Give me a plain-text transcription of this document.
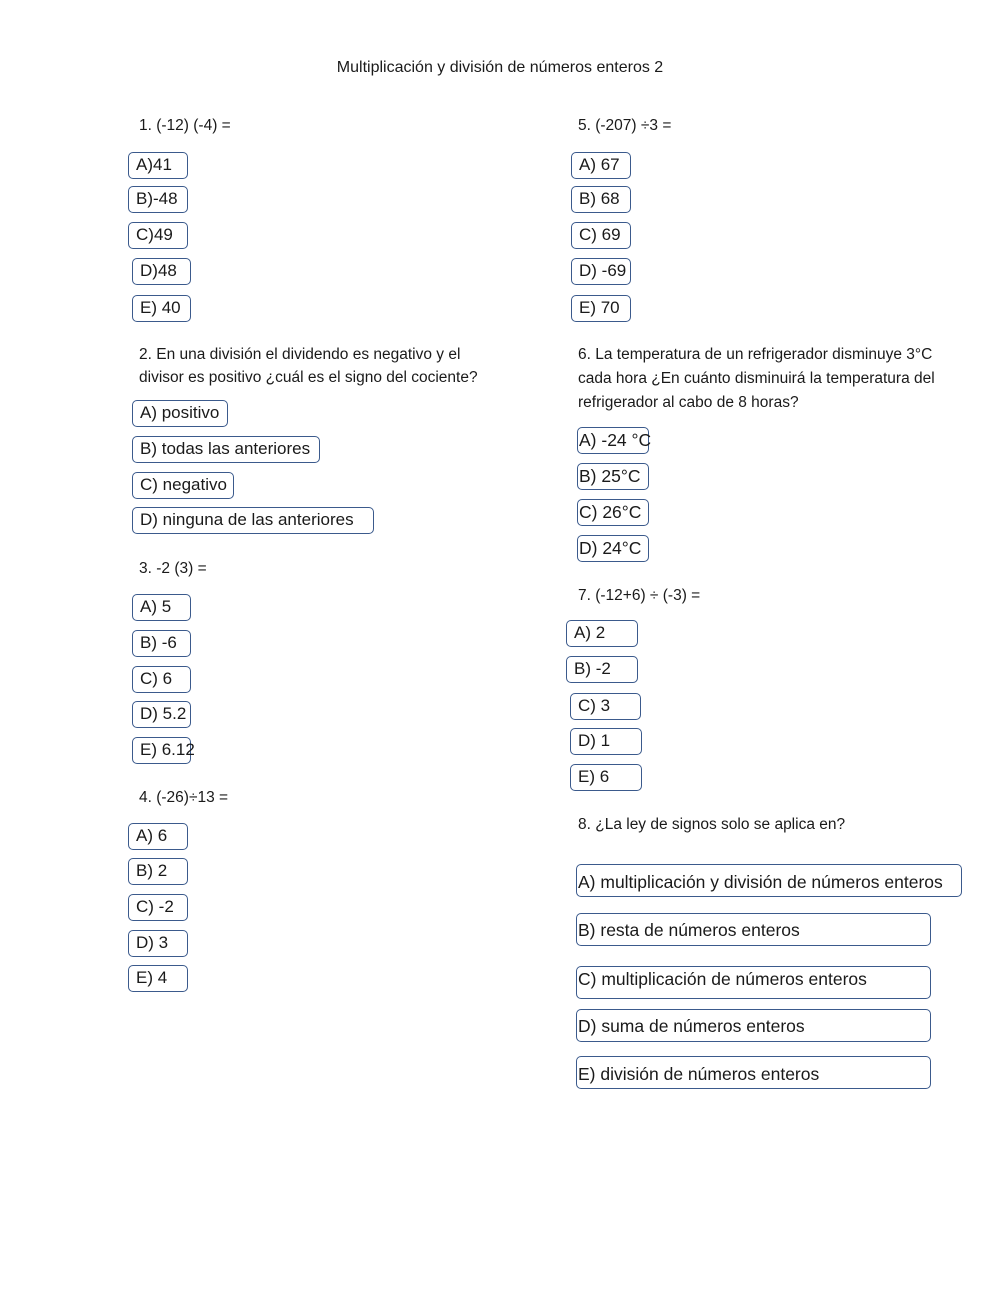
Multiplicación y división de números enteros 2
1. (-12) (-4) =
A)41
B)-48
C)49
D)48
E) 40
2. En una división el dividendo es negativo y el
divisor es positivo ¿cuál es el signo del cociente?
A) positivo
B) todas las anteriores
C) negativo
D) ninguna de las anteriores
3. -2 (3) =
A) 5
B) -6
C) 6
D) 5.2
E) 6.12
4. (-26)÷13 =
A) 6
B) 2
C) -2
D) 3
E) 4
5. (-207) ÷3 =
A) 67
B) 68
C) 69
D) -69
E) 70
6. La temperatura de un refrigerador disminuye 3°C
cada hora ¿En cuánto disminuirá la temperatura del
refrigerador al cabo de 8 horas?
A) -24 °C
B) 25°C
C) 26°C
D) 24°C
7. (-12+6) ÷ (-3) =
A) 2
B) -2
C) 3
D) 1
E) 6
8. ¿La ley de signos solo se aplica en?
A) multiplicación y división de números enteros
B) resta de números enteros
C) multiplicación de números enteros
D) suma de números enteros
E) división de números enteros
